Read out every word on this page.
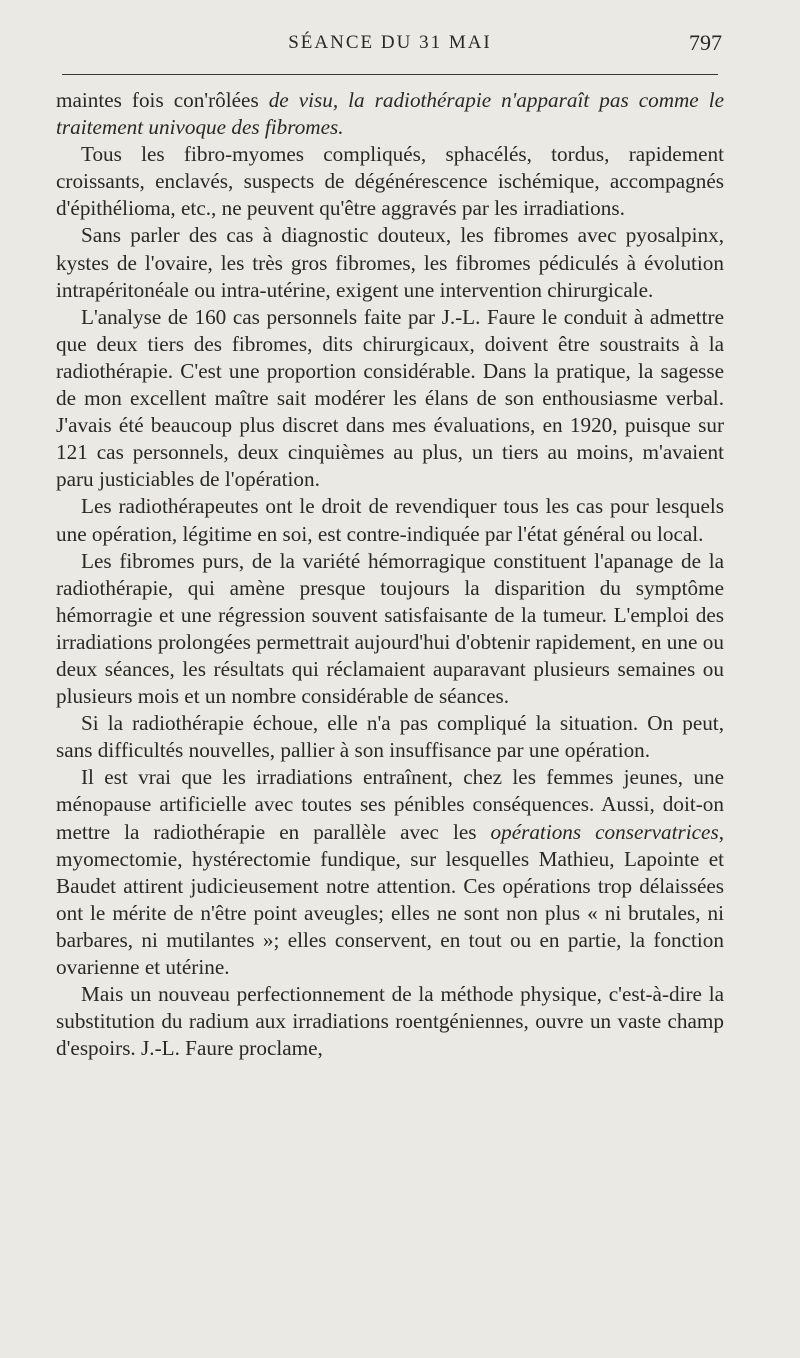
SÉANCE DU 31 MAI	797

maintes fois con'rôlées de visu, la radiothérapie n'apparaît pas comme le traitement univoque des fibromes.

Tous les fibro-myomes compliqués, sphacélés, tordus, rapidement croissants, enclavés, suspects de dégénérescence ischémique, accompagnés d'épithélioma, etc., ne peuvent qu'être aggravés par les irradiations.

Sans parler des cas à diagnostic douteux, les fibromes avec pyosalpinx, kystes de l'ovaire, les très gros fibromes, les fibromes pédiculés à évolution intrapéritonéale ou intra-utérine, exigent une intervention chirurgicale.

L'analyse de 160 cas personnels faite par J.-L. Faure le conduit à admettre que deux tiers des fibromes, dits chirurgicaux, doivent être soustraits à la radiothérapie. C'est une proportion considérable. Dans la pratique, la sagesse de mon excellent maître sait modérer les élans de son enthousiasme verbal. J'avais été beaucoup plus discret dans mes évaluations, en 1920, puisque sur 121 cas personnels, deux cinquièmes au plus, un tiers au moins, m'avaient paru justiciables de l'opération.

Les radiothérapeutes ont le droit de revendiquer tous les cas pour lesquels une opération, légitime en soi, est contre-indiquée par l'état général ou local.

Les fibromes purs, de la variété hémorragique constituent l'apanage de la radiothérapie, qui amène presque toujours la disparition du symptôme hémorragie et une régression souvent satisfaisante de la tumeur. L'emploi des irradiations prolongées permettrait aujourd'hui d'obtenir rapidement, en une ou deux séances, les résultats qui réclamaient auparavant plusieurs semaines ou plusieurs mois et un nombre considérable de séances.

Si la radiothérapie échoue, elle n'a pas compliqué la situation. On peut, sans difficultés nouvelles, pallier à son insuffisance par une opération.

Il est vrai que les irradiations entraînent, chez les femmes jeunes, une ménopause artificielle avec toutes ses pénibles conséquences. Aussi, doit-on mettre la radiothérapie en parallèle avec les opérations conservatrices, myomectomie, hystérectomie fundique, sur lesquelles Mathieu, Lapointe et Baudet attirent judicieusement notre attention. Ces opérations trop délaissées ont le mérite de n'être point aveugles; elles ne sont non plus « ni brutales, ni barbares, ni mutilantes »; elles conservent, en tout ou en partie, la fonction ovarienne et utérine.

Mais un nouveau perfectionnement de la méthode physique, c'est-à-dire la substitution du radium aux irradiations roentgéniennes, ouvre un vaste champ d'espoirs. J.-L. Faure proclame,
